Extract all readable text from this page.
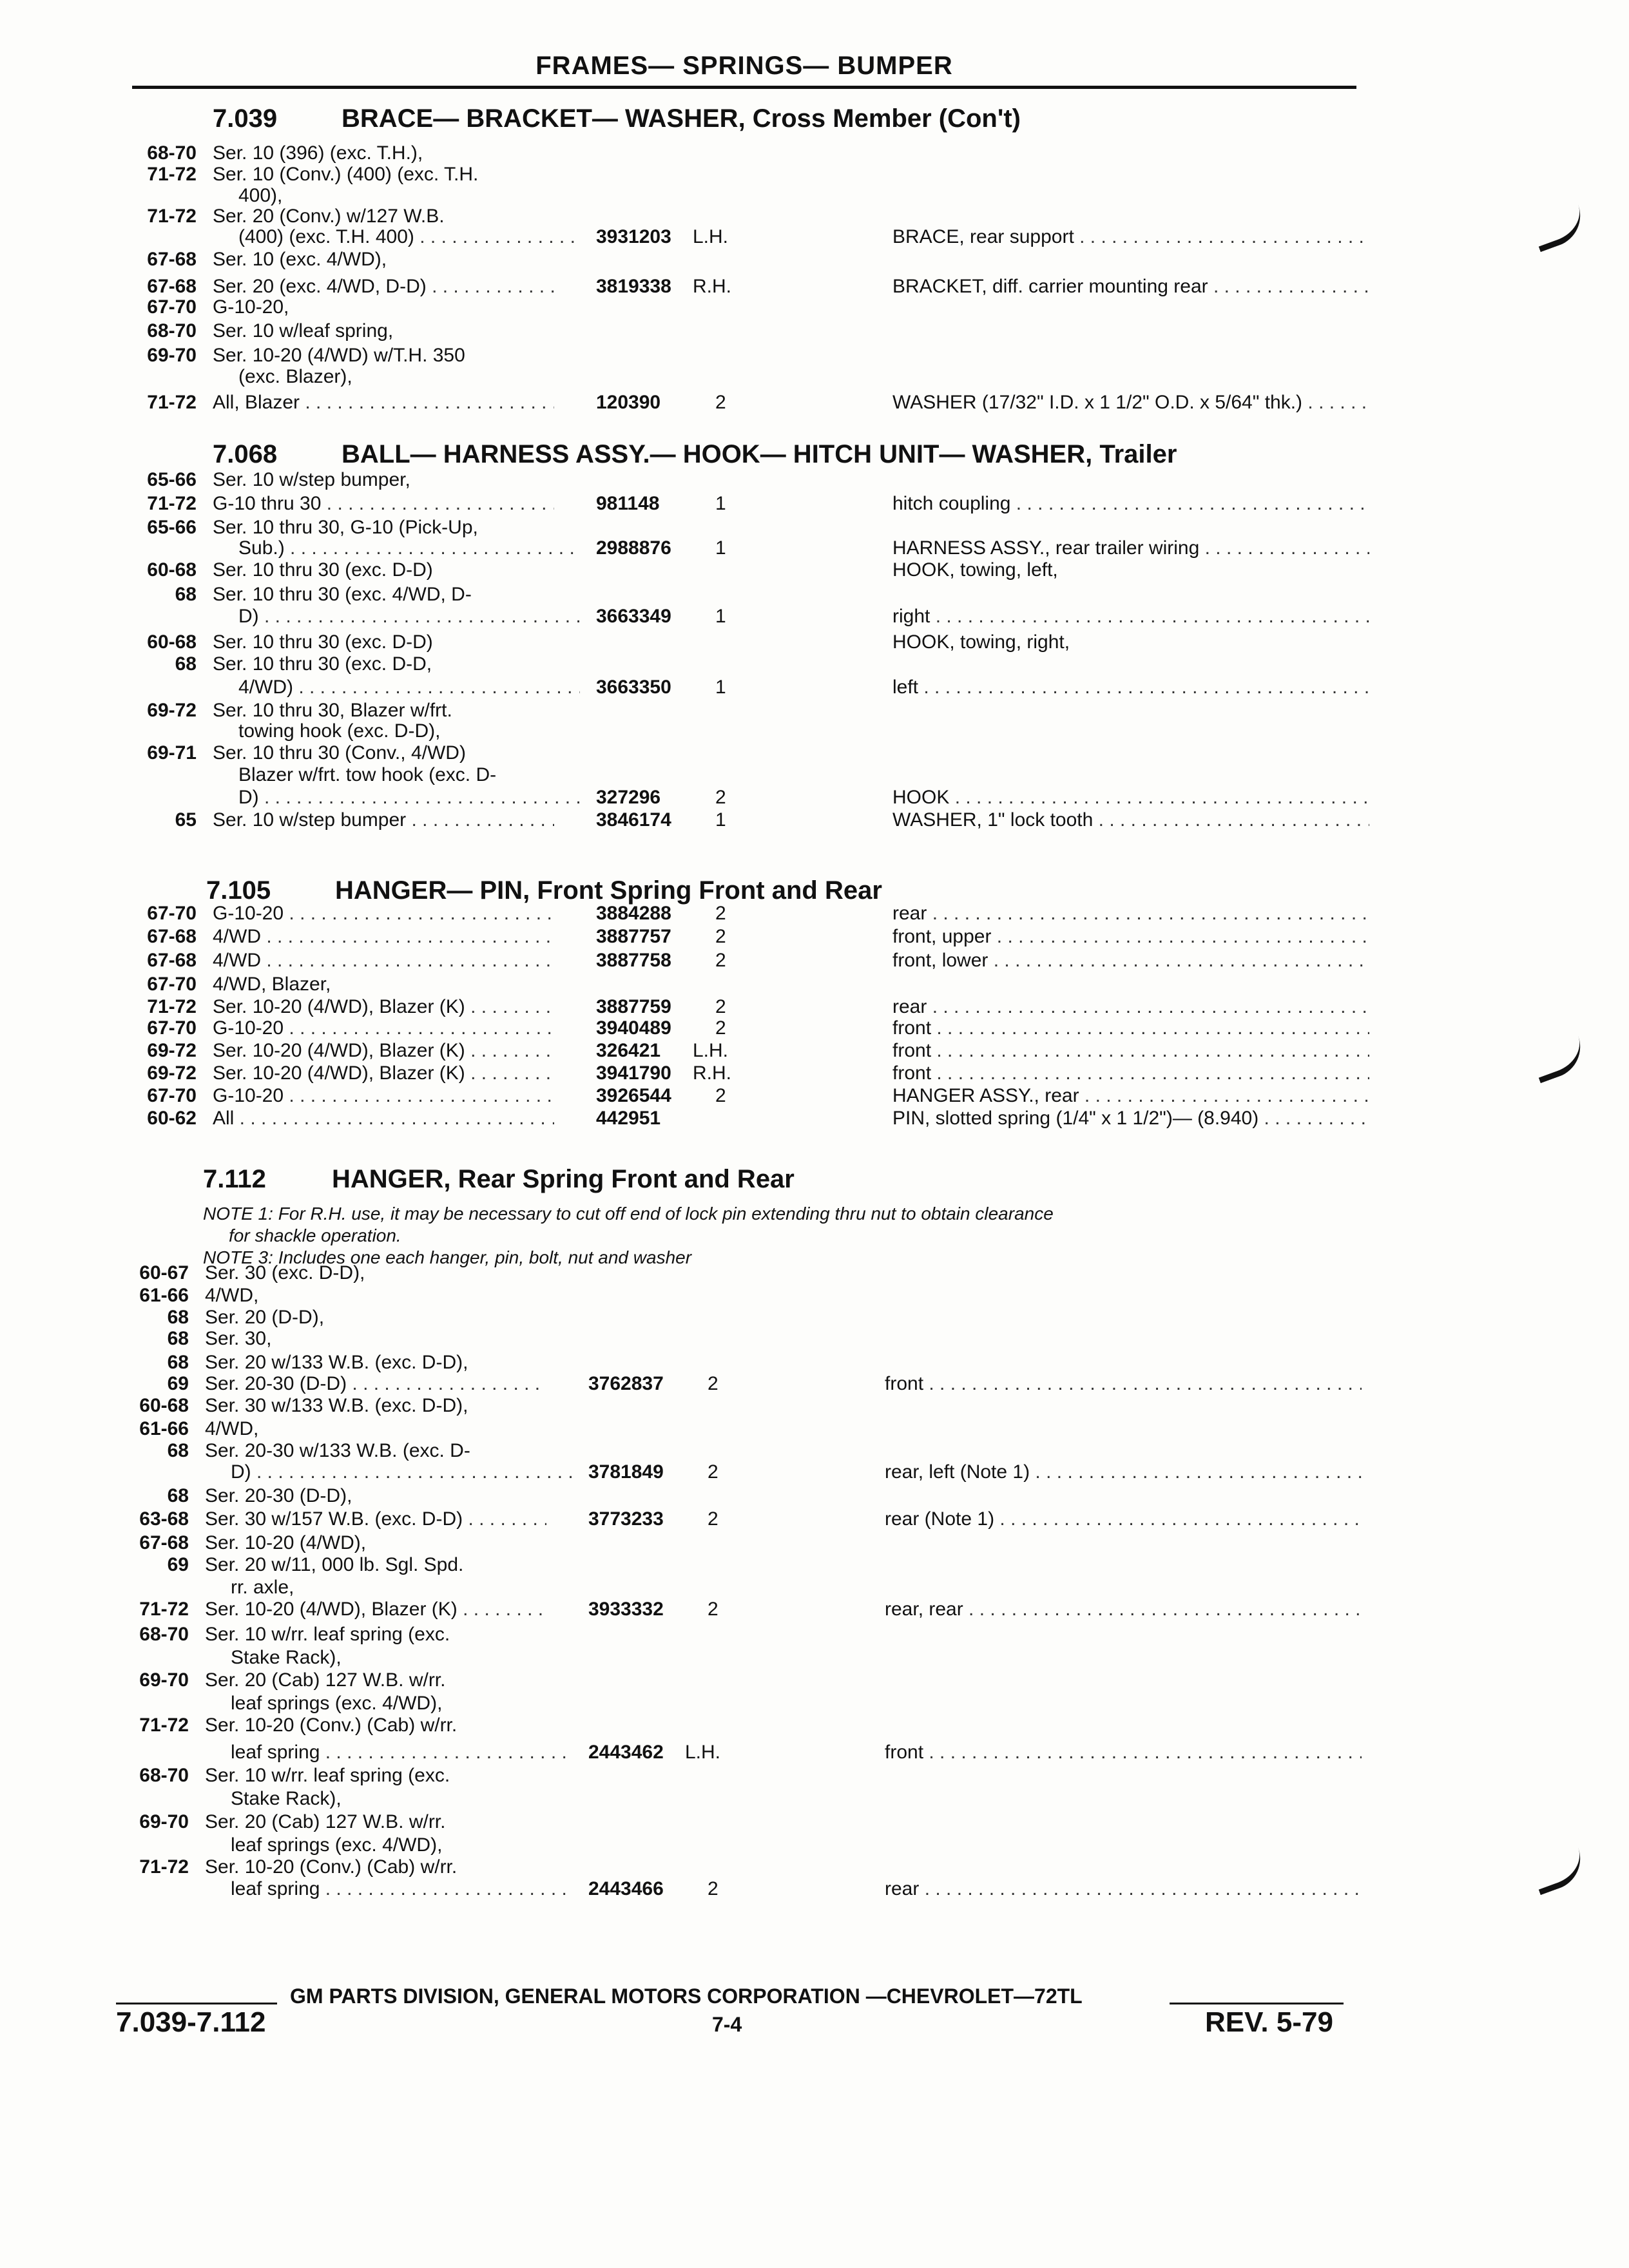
FRAMES— SPRINGS— BUMPER
7.039 BRACE— BRACKET— WASHER, Cross Member (Con't)
7.068 BALL— HARNESS ASSY.— HOOK— HITCH UNIT— WASHER, Trailer
7.105 HANGER— PIN, Front Spring Front and Rear
7.112	HANGER, Rear Spring Front and Rear
NOTE 1: For R.H. use, it may be necessary to cut off end of lock pin extending thru nut to obtain clearance
for shackle operation.
NOTE 3: Includes one each hanger, pin, bolt, nut and washer
68-70 Ser. 10 (396) (exc. T.H.),
71-72 Ser. 10 (Conv.) (400) (exc. T.H.
400),
71-72 Ser. 20 (Conv.) w/127 W.B.
(400) (exc. T.H. 400) . . .	3931203 L.H.	BRACE, rear support . . .
67-68 Ser. 10 (exc. 4/WD),
67-68 Ser. 20 (exc. 4/WD, D-D) . . .	3819338 R.H.	BRACKET, diff. carrier mounting rear . . .
67-70 G-10-20,
68-70 Ser. 10 w/leaf spring,
69-70 Ser. 10-20 (4/WD) w/T.H. 350
(exc. Blazer),
71-72 All, Blazer . . .	120390	2	WASHER (17/32" I.D. x 1 1/2" O.D. x 5/64" thk.) . . .
65-66 Ser. 10 w/step bumper,
71-72 G-10 thru 30 . . .	981148	1	hitch coupling . . .
65-66 Ser. 10 thru 30, G-10 (Pick-Up,
Sub.) . . .	2988876 1	HARNESS ASSY., rear trailer wiring . . .
60-68 Ser. 10 thru 30 (exc. D-D)	HOOK, towing, left,
68 Ser. 10 thru 30 (exc. 4/WD, D-
D) . . .	3663349 1	right . . .
60-68 Ser. 10 thru 30 (exc. D-D)	HOOK, towing, right,
68 Ser. 10 thru 30 (exc. D-D,
4/WD) . . .	3663350 1	left . . .
69-72 Ser. 10 thru 30, Blazer w/frt.
towing hook (exc. D-D),
69-71 Ser. 10 thru 30 (Conv., 4/WD)
Blazer w/frt. tow hook (exc. D-
D) . . .	327296	2	HOOK . . .
65 Ser. 10 w/step bumper . . .	3846174 1	WASHER, 1" lock tooth . . .
67-70 G-10-20 . . .	3884288 2	rear . . .
67-68 4/WD . . .	3887757 2	front, upper . . .
67-68 4/WD . . .	3887758 2	front, lower . . .
67-70 4/WD, Blazer,
71-72 Ser. 10-20 (4/WD), Blazer (K) . . .	3887759 2	rear . . .
67-70 G-10-20 . . .	3940489 2	front . . .
69-72 Ser. 10-20 (4/WD), Blazer (K) . . .	326421 L.H.	front . . .
69-72 Ser. 10-20 (4/WD), Blazer (K) . . .	3941790 R.H.	front . . .
67-70 G-10-20 . . .	3926544 2	HANGER ASSY., rear . . .
60-62 All . . .	442951	PIN, slotted spring (1/4" x 1 1/2")— (8.940) . . .
60-67 Ser. 30 (exc. D-D),
61-66 4/WD,
68 Ser. 20 (D-D),
68 Ser. 30,
68 Ser. 20 w/133 W.B. (exc. D-D),
69 Ser. 20-30 (D-D) . . .	3762837 2	front . . .
60-68 Ser. 30 w/133 W.B. (exc. D-D),
61-66 4/WD,
68 Ser. 20-30 w/133 W.B. (exc. D-
D) . . .	3781849 2	rear, left (Note 1) . . .
68 Ser. 20-30 (D-D),
63-68 Ser. 30 w/157 W.B. (exc. D-D) . . .	3773233 2	rear (Note 1) . . .
67-68 Ser. 10-20 (4/WD),
69 Ser. 20 w/11, 000 lb. Sgl. Spd.
rr. axle,
71-72 Ser. 10-20 (4/WD), Blazer (K) . . .	3933332 2	rear, rear . . .
68-70 Ser. 10 w/rr. leaf spring (exc.
Stake Rack),
69-70 Ser. 20 (Cab) 127 W.B. w/rr.
leaf springs (exc. 4/WD),
71-72 Ser. 10-20 (Conv.) (Cab) w/rr.
leaf spring . . .	2443462 L.H.	front . . .
68-70 Ser. 10 w/rr. leaf spring (exc.
Stake Rack),
69-70 Ser. 20 (Cab) 127 W.B. w/rr.
leaf springs (exc. 4/WD),
71-72 Ser. 10-20 (Conv.) (Cab) w/rr.
leaf spring . . .	2443466 2	rear . . .
GM PARTS DIVISION, GENERAL MOTORS CORPORATION —CHEVROLET—72TL
7.039-7.112	7-4	REV. 5-79
